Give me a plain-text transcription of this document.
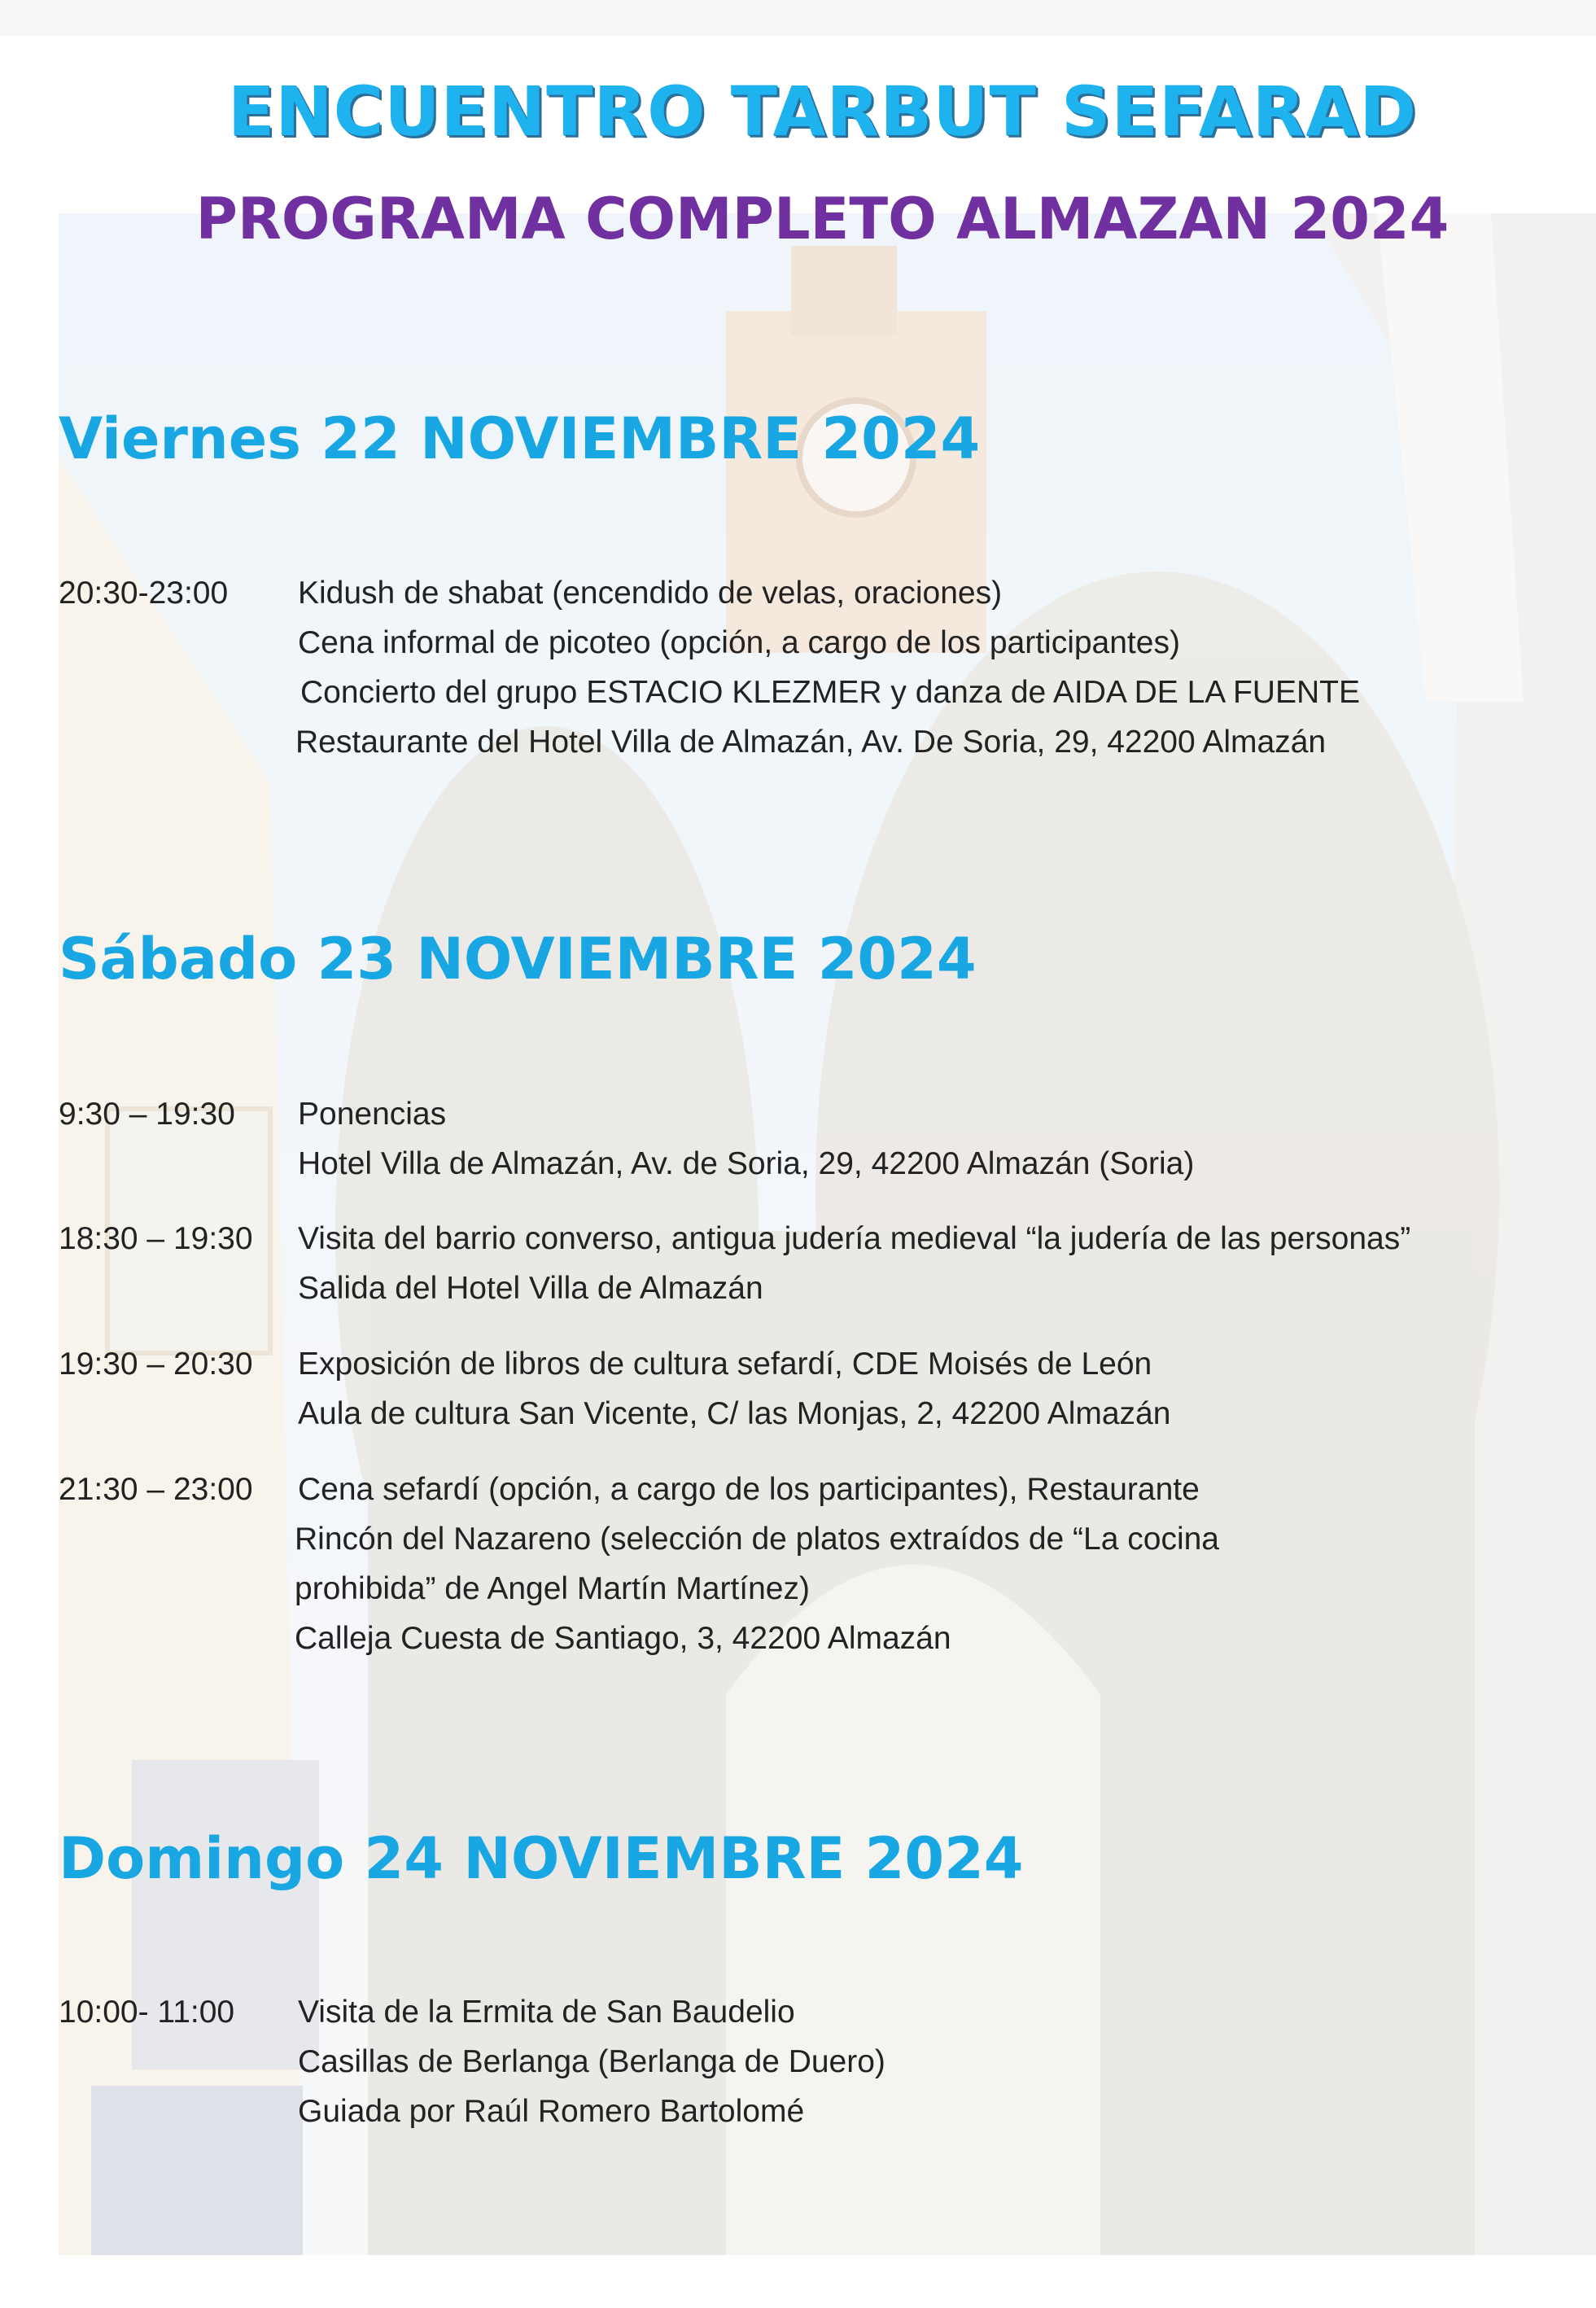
ENCUENTRO TARBUT SEFARAD
PROGRAMA COMPLETO ALMAZAN 2024
Viernes 22 NOVIEMBRE 2024
20:30-23:00 Kidush de shabat (encendido de velas, oraciones)
Cena informal de picoteo (opción, a cargo de los participantes)
Concierto del grupo ESTACIO KLEZMER y danza de AIDA DE LA FUENTE
Restaurante del Hotel Villa de Almazán, Av. De Soria, 29, 42200 Almazán
Sábado 23 NOVIEMBRE 2024
9:30 – 19:30 Ponencias
Hotel Villa de Almazán, Av. de Soria, 29, 42200 Almazán (Soria)
18:30 – 19:30 Visita del barrio converso, antigua judería medieval “la judería de las personas”
Salida del Hotel Villa de Almazán
19:30 – 20:30 Exposición de libros de cultura sefardí, CDE Moisés de León
Aula de cultura San Vicente, C/ las Monjas, 2, 42200 Almazán
21:30 – 23:00 Cena sefardí (opción, a cargo de los participantes), Restaurante
Rincón del Nazareno (selección de platos extraídos de “La cocina
prohibida” de Angel Martín Martínez)
Calleja Cuesta de Santiago, 3, 42200 Almazán
Domingo 24 NOVIEMBRE 2024
10:00- 11:00 Visita de la Ermita de San Baudelio
Casillas de Berlanga (Berlanga de Duero)
Guiada por Raúl Romero Bartolomé
